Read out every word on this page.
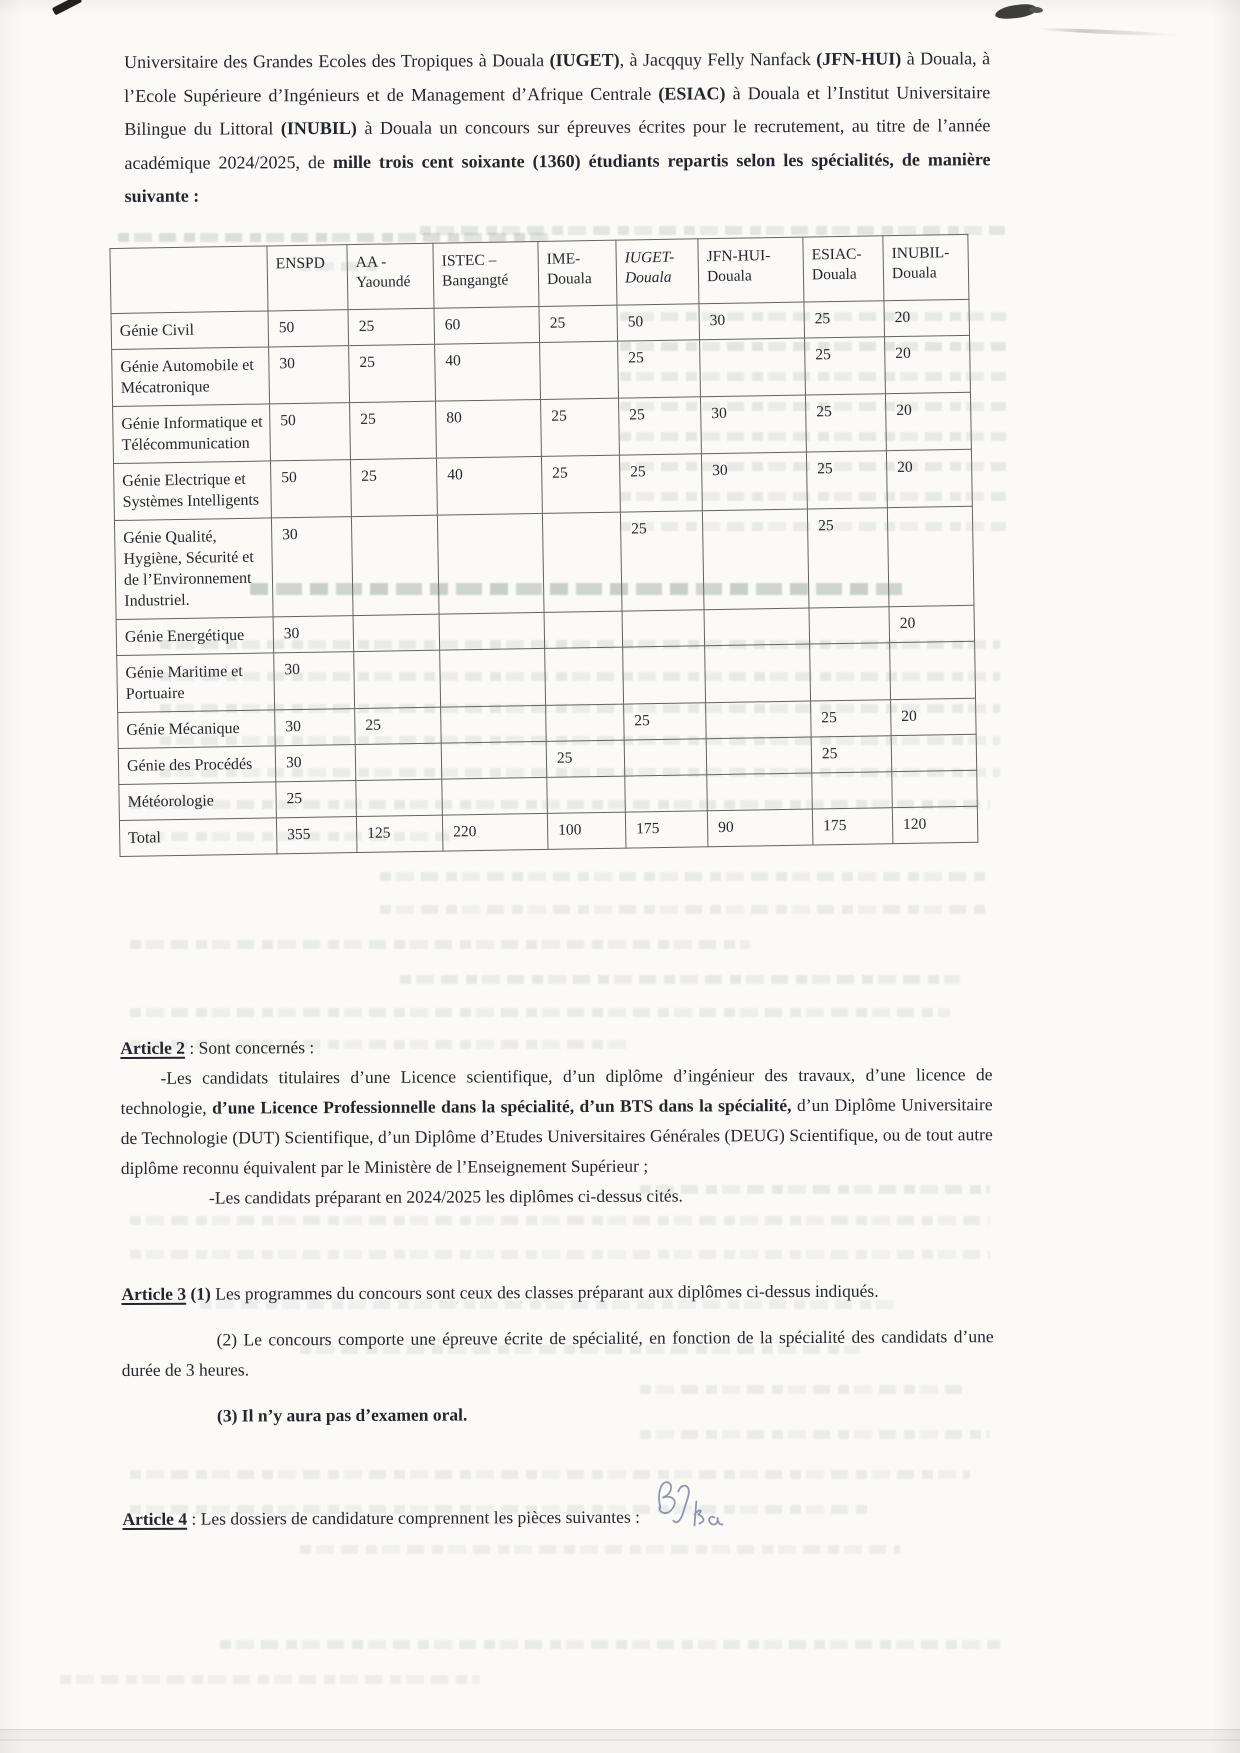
Universitaire des Grandes Ecoles des Tropiques à Douala (IUGET), à Jacqquy Felly Nanfack (JFN-HUI) à Douala, à l’Ecole Supérieure d’Ingénieurs et de Management d’Afrique Centrale (ESIAC) à Douala et l’Institut Universitaire Bilingue du Littoral (INUBIL) à Douala un concours sur épreuves écrites pour le recrutement, au titre de l’année académique 2024/2025, de mille trois cent soixante (1360) étudiants repartis selon les spécialités, de manière suivante :

	ENSPD	AA - Yaoundé	ISTEC – Bangangté	IME-Douala	IUGET-Douala	JFN-HUI-Douala	ESIAC-Douala	INUBIL-Douala
Génie Civil	50	25	60	25	50	30	25	20
Génie Automobile et Mécatronique	30	25	40		25		25	20
Génie Informatique et Télécommunication	50	25	80	25	25	30	25	20
Génie Electrique et Systèmes Intelligents	50	25	40	25	25	30	25	20
Génie Qualité, Hygiène, Sécurité et de l’Environnement Industriel.	30				25		25	
Génie Energétique	30							20
Génie Maritime et Portuaire	30							
Génie Mécanique	30	25			25		25	20
Génie des Procédés	30			25			25	
Météorologie	25							
Total	355	125	220	100	175	90	175	120

Article 2 : Sont concernés :

-Les candidats titulaires d’une Licence scientifique, d’un diplôme d’ingénieur des travaux, d’une licence de technologie, d’une Licence Professionnelle dans la spécialité, d’un BTS dans la spécialité, d’un Diplôme Universitaire de Technologie (DUT) Scientifique, d’un Diplôme d’Etudes Universitaires Générales (DEUG) Scientifique, ou de tout autre diplôme reconnu équivalent par le Ministère de l’Enseignement Supérieur ;

-Les candidats préparant en 2024/2025 les diplômes ci-dessus cités.

Article 3 (1) Les programmes du concours sont ceux des classes préparant aux diplômes ci-dessus indiqués.

(2) Le concours comporte une épreuve écrite de spécialité, en fonction de la spécialité des candidats d’une durée de 3 heures.

(3) Il n’y aura pas d’examen oral.

Article 4 : Les dossiers de candidature comprennent les pièces suivantes :
